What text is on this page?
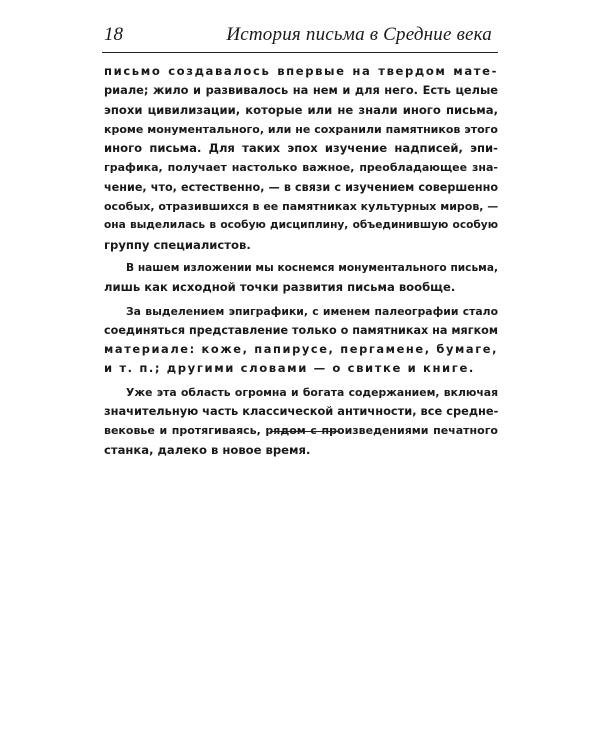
18	История письма в Средние века
письмо создавалось впервые на твердом мате-
риале; жило и развивалось на нем и для него. Есть целые
эпохи цивилизации, которые или не знали иного письма,
кроме монументального, или не сохранили памятников этого
иного письма. Для таких эпох изучение надписей, эпи-
графика, получает настолько важное, преобладающее зна-
чение, что, естественно, — в связи с изучением совершенно
особых, отразившихся в ее памятниках культурных миров, —
она выделилась в особую дисциплину, объединившую особую
группу специалистов.
В нашем изложении мы коснемся монументального письма,
лишь как исходной точки развития письма вообще.
За выделением эпиграфики, с именем палеографии стало
соединяться представление только о памятниках на мягком
материале: коже, папирусе, пергамене, бумаге,
и т. п.; другими словами — о свитке и книге.
Уже эта область огромна и богата содержанием, включая
значительную часть классической античности, все средне-
вековье и протягиваясь, рядом с произведениями печатного
станка, далеко в новое время.
